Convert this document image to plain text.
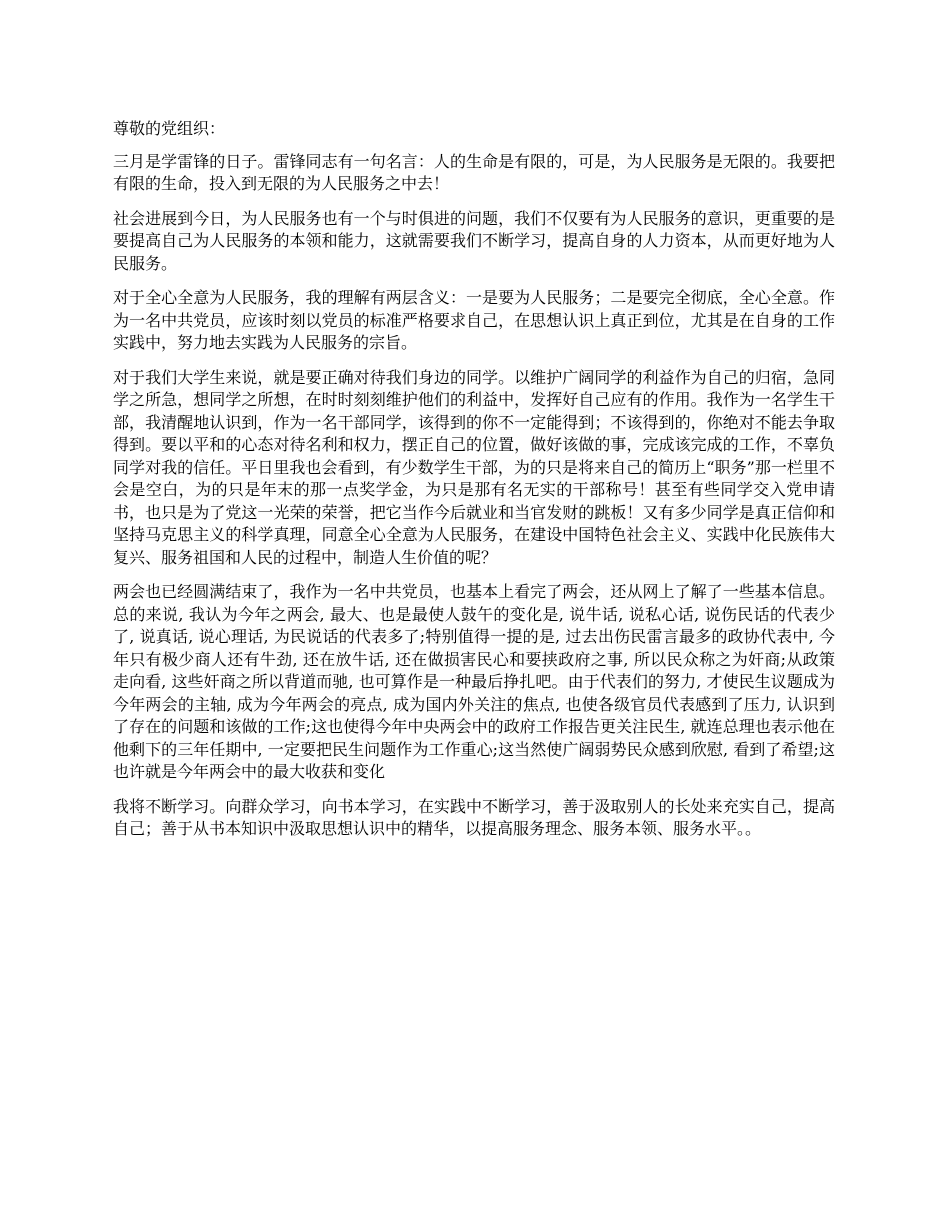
尊敬的党组织：

三月是学雷锋的日子。雷锋同志有一句名言：人的生命是有限的，可是，为人民服务是无限的。我要把有限的生命，投入到无限的为人民服务之中去！

社会进展到今日，为人民服务也有一个与时俱进的问题，我们不仅要有为人民服务的意识，更重要的是要提高自己为人民服务的本领和能力，这就需要我们不断学习，提高自身的人力资本，从而更好地为人民服务。

对于全心全意为人民服务，我的理解有两层含义：一是要为人民服务；二是要完全彻底，全心全意。作为一名中共党员，应该时刻以党员的标准严格要求自己，在思想认识上真正到位，尤其是在自身的工作实践中，努力地去实践为人民服务的宗旨。

对于我们大学生来说，就是要正确对待我们身边的同学。以维护广阔同学的利益作为自己的归宿，急同学之所急，想同学之所想，在时时刻刻维护他们的利益中，发挥好自己应有的作用。我作为一名学生干部，我清醒地认识到，作为一名干部同学，该得到的你不一定能得到；不该得到的，你绝对不能去争取得到。要以平和的心态对待名利和权力，摆正自己的位置，做好该做的事，完成该完成的工作，不辜负同学对我的信任。平日里我也会看到，有少数学生干部，为的只是将来自己的简历上“职务”那一栏里不会是空白，为的只是年末的那一点奖学金，为只是那有名无实的干部称号！甚至有些同学交入党申请书，也只是为了党这一光荣的荣誉，把它当作今后就业和当官发财的跳板！又有多少同学是真正信仰和坚持马克思主义的科学真理，同意全心全意为人民服务，在建设中国特色社会主义、实践中化民族伟大复兴、服务祖国和人民的过程中，制造人生价值的呢？

两会也已经圆满结束了，我作为一名中共党员，也基本上看完了两会，还从网上了解了一些基本信息。总的来说, 我认为今年之两会, 最大、也是最使人鼓午的变化是, 说牛话, 说私心话, 说伤民话的代表少了, 说真话, 说心理话, 为民说话的代表多了;特别值得一提的是, 过去出伤民雷言最多的政协代表中, 今年只有极少商人还有牛劲, 还在放牛话, 还在做损害民心和要挟政府之事, 所以民众称之为奸商;从政策走向看, 这些奸商之所以背道而驰, 也可算作是一种最后挣扎吧。由于代表们的努力, 才使民生议题成为今年两会的主轴, 成为今年两会的亮点, 成为国内外关注的焦点, 也使各级官员代表感到了压力, 认识到了存在的问题和该做的工作;这也使得今年中央两会中的政府工作报告更关注民生, 就连总理也表示他在他剩下的三年任期中, 一定要把民生问题作为工作重心;这当然使广阔弱势民众感到欣慰, 看到了希望;这也许就是今年两会中的最大收获和变化

我将不断学习。向群众学习，向书本学习，在实践中不断学习，善于汲取别人的长处来充实自己，提高自己；善于从书本知识中汲取思想认识中的精华，以提高服务理念、服务本领、服务水平。。
